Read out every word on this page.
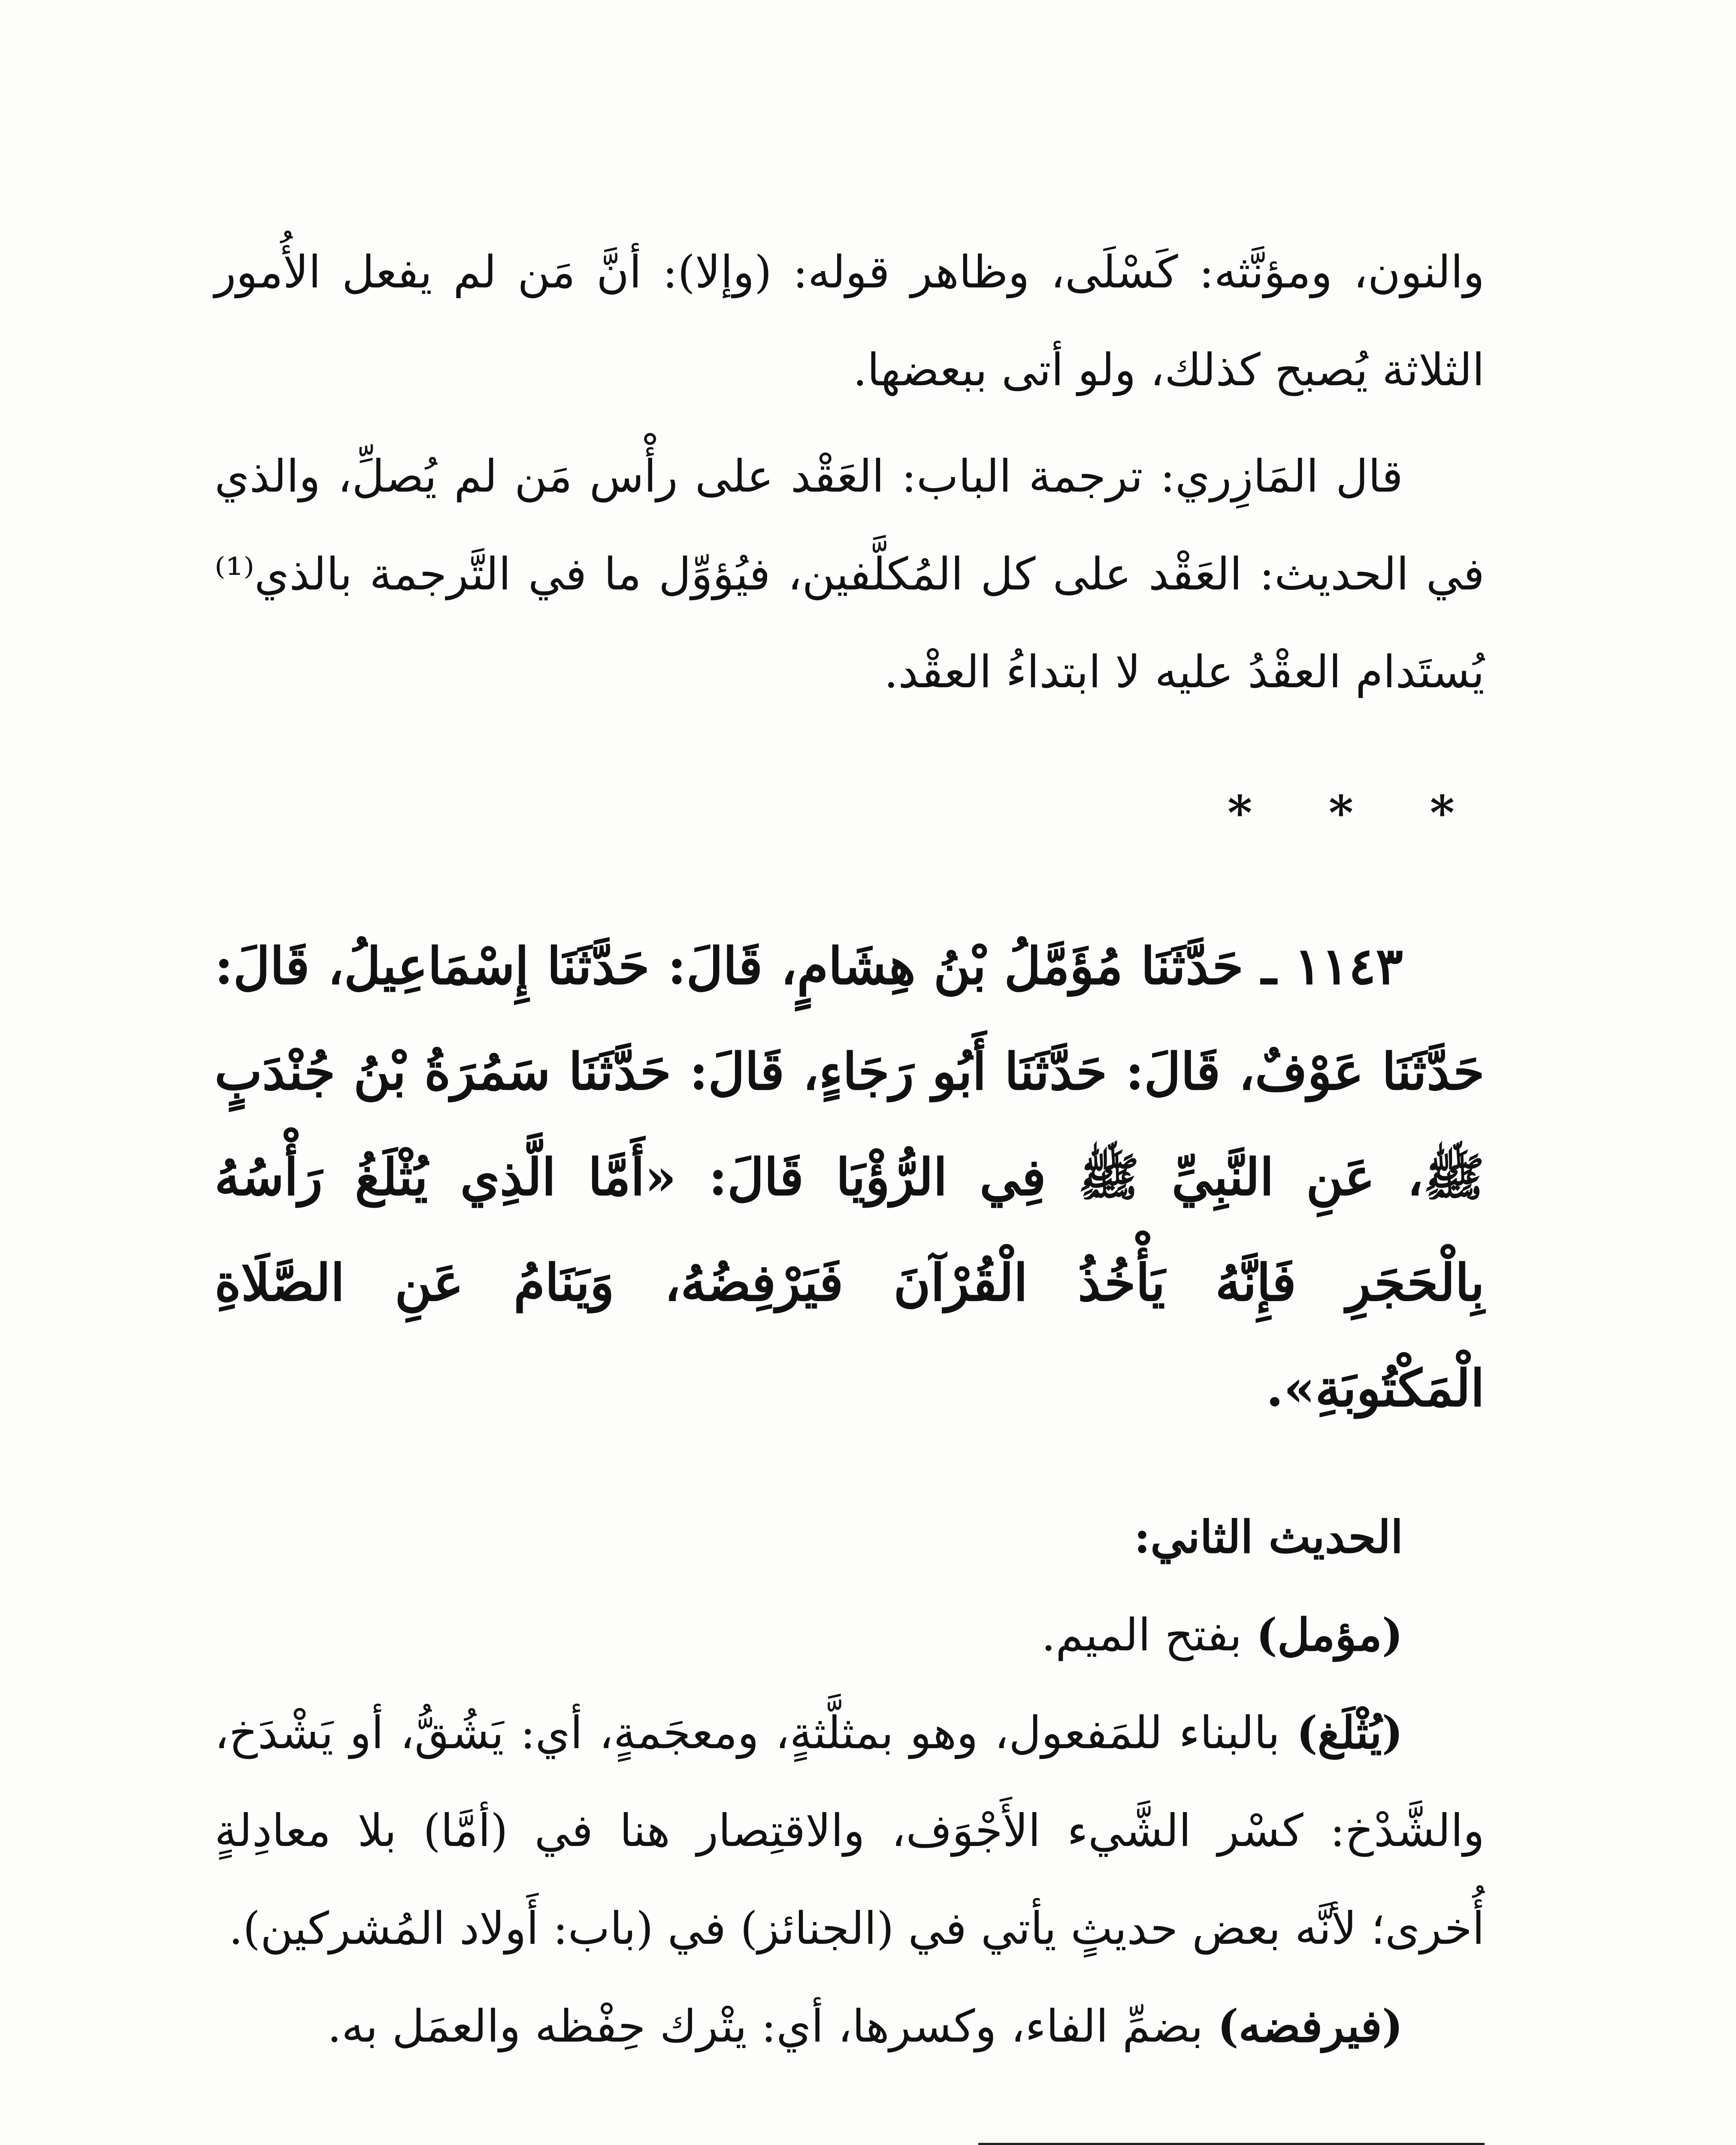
والنون، ومؤنَّثه: كَسْلَى، وظاهر قوله: (وإلا): أنَّ مَن لم يفعل الأُمور الثلاثة يُصبح كذلك، ولو أتى ببعضها.

قال المَازِري: ترجمة الباب: العَقْد على رأْس مَن لم يُصلِّ، والذي في الحديث: العَقْد على كل المُكلَّفين، فيُؤوِّل ما في التَّرجمة بالذي⁽¹⁾ يُستَدام العقْدُ عليه لا ابتداءُ العقْد.

* * *

١١٤٣ ـ حَدَّثَنَا مُؤَمَّلُ بْنُ هِشَامٍ، قَالَ: حَدَّثَنَا إِسْمَاعِيلُ، قَالَ: حَدَّثَنَا عَوْفٌ، قَالَ: حَدَّثَنَا أَبُو رَجَاءٍ، قَالَ: حَدَّثَنَا سَمُرَةُ بْنُ جُنْدَبٍ ﷺ، عَنِ النَّبِيِّ ﷺ فِي الرُّؤْيَا قَالَ: «أَمَّا الَّذِي يُثْلَغُ رَأْسُهُ بِالْحَجَرِ فَإِنَّهُ يَأْخُذُ الْقُرْآنَ فَيَرْفِضُهُ، وَيَنَامُ عَنِ الصَّلَاةِ الْمَكْتُوبَةِ».

الحديث الثاني:

(مؤمل) بفتح الميم.

(يُثْلَغ) بالبناء للمَفعول، وهو بمثلَّثةٍ، ومعجَمةٍ، أي: يَشُقُّ، أو يَشْدَخ، والشَّدْخ: كسْر الشَّيء الأَجْوَف، والاقتِصار هنا في (أمَّا) بلا معادِلةٍ أُخرى؛ لأنَّه بعض حديثٍ يأتي في (الجنائز) في (باب: أَولاد المُشركين).

(فيرفضه) بضمِّ الفاء، وكسرها، أي: يتْرك حِفْظه والعمَل به.
